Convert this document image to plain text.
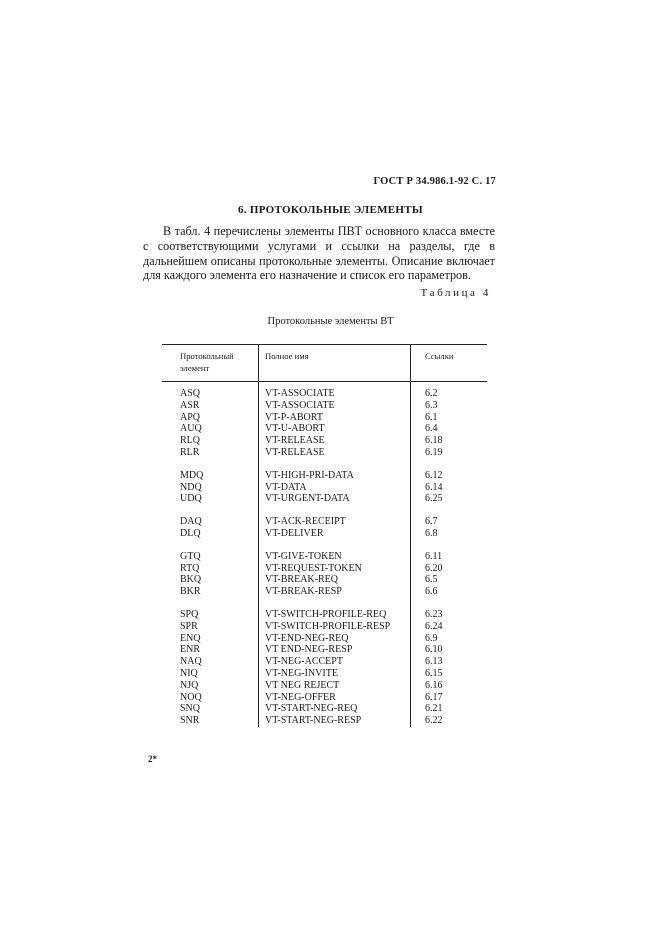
ГОСТ Р 34.986.1-92 С. 17
6. ПРОТОКОЛЬНЫЕ ЭЛЕМЕНТЫ

В табл. 4 перечислены элементы ПВТ основного класса вместе с соответствующими услугами и ссылки на разделы, где в дальнейшем описаны протокольные элементы. Описание включает для каждого элемента его назначение и список его параметров.

Таблица 4
Протокольные элементы ВТ
Протокольный
элемент	Полное имя	Ссылки
ASQ	VT-ASSOCIATE	6.2
ASR	VT-ASSOCIATE	6.3
APQ	VT-P-ABORT	6.1
AUQ	VT-U-ABORT	6.4
RLQ	VT-RELEASE	6.18
RLR	VT-RELEASE	6.19

MDQ	VT-HIGH-PRI-DATA	6.12
NDQ	VT-DATA	6.14
UDQ	VT-URGENT-DATA	6.25

DAQ	VT-ACK-RECEIPT	6.7
DLQ	VT-DELIVER	6.8

GTQ	VT-GIVE-TOKEN	6.11
RTQ	VT-REQUEST-TOKEN	6.20
BKQ	VT-BREAK-REQ	6.5
BKR	VT-BREAK-RESP	6.6

SPQ	VT-SWITCH-PROFILE-REQ	6.23
SPR	VT-SWITCH-PROFILE-RESP	6.24
ENQ	VT-END-NEG-REQ	6.9
ENR	VT END-NEG-RESP	6.10
NAQ	VT-NEG-ACCEPT	6.13
NIQ	VT-NEG-INVITE	6.15
NJQ	VT NEG REJECT	6.16
NOQ	VT-NEG-OFFER	6.17
SNQ	VT-START-NEG-REQ	6.21
SNR	VT-START-NEG-RESP	6.22
2*
